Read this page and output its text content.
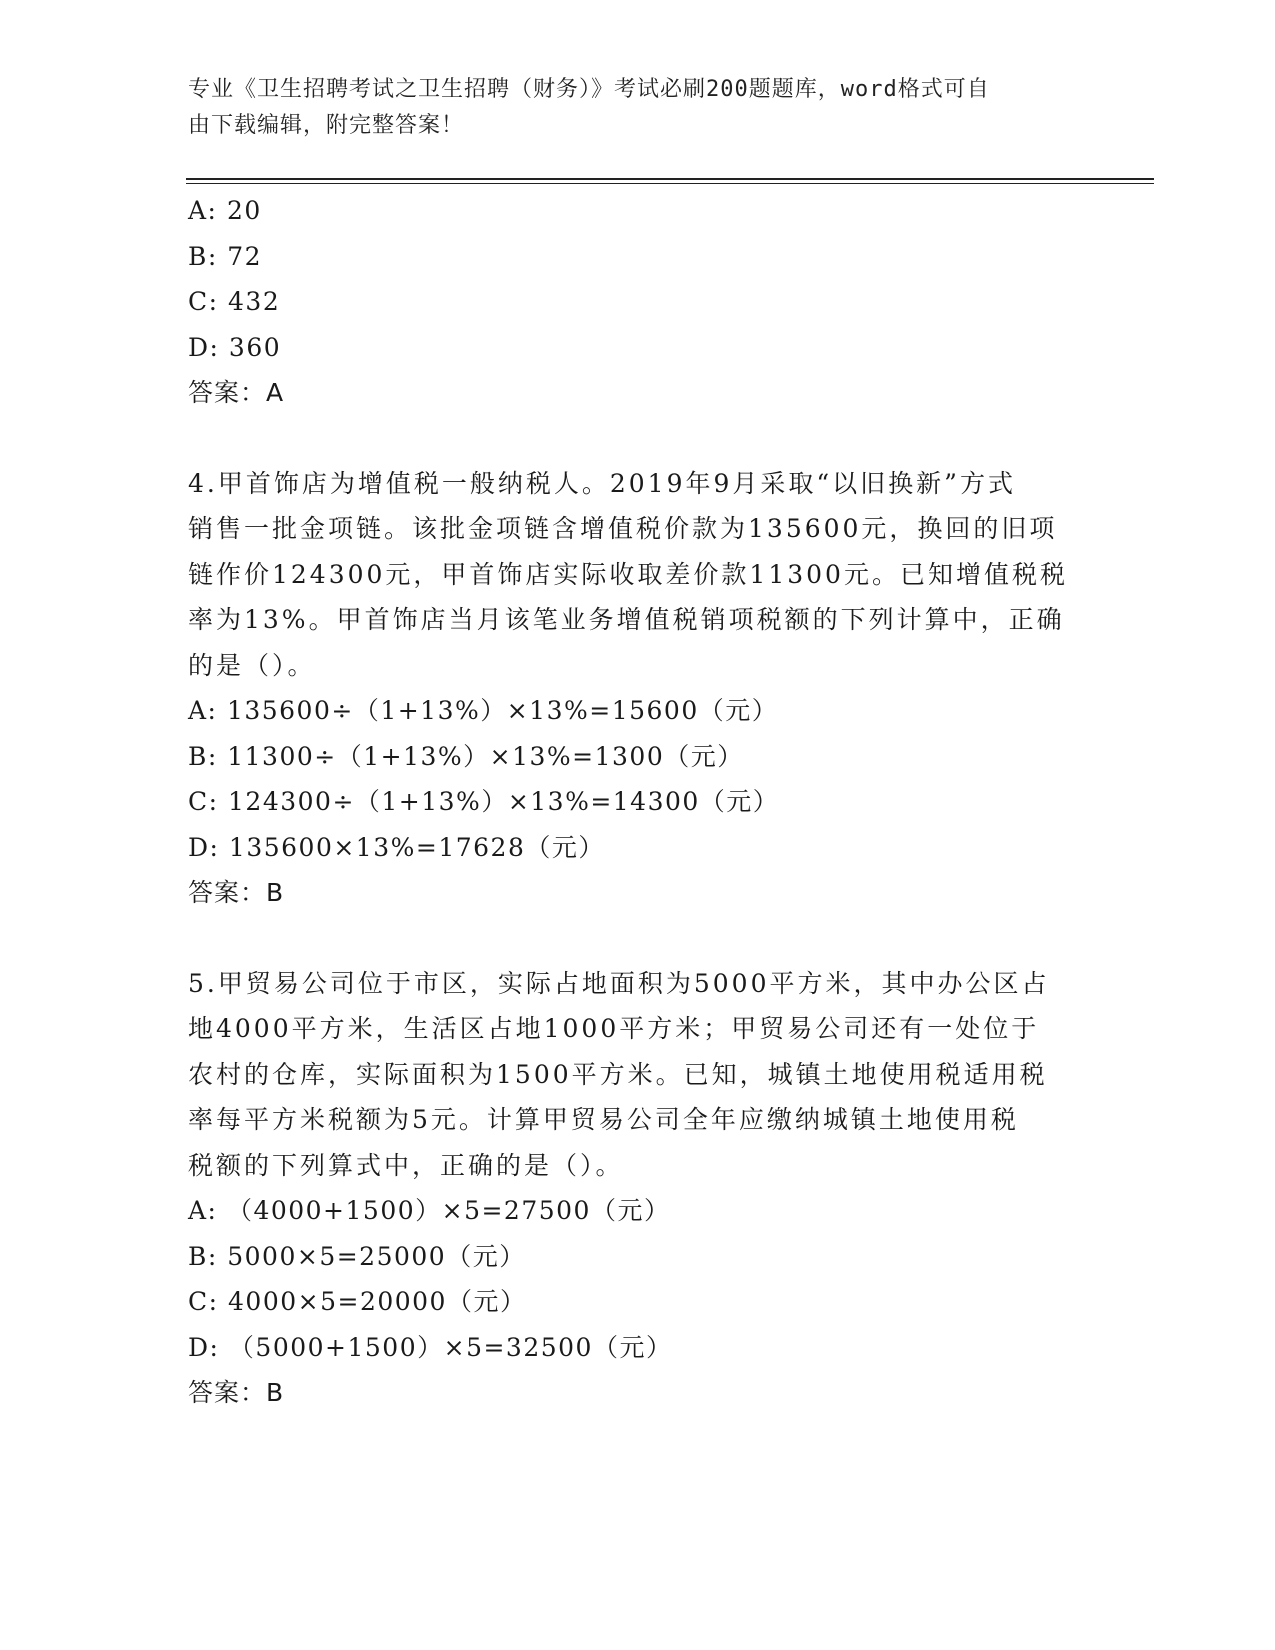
专业《卫生招聘考试之卫生招聘（财务）》考试必刷200题题库，word格式可自
由下载编辑，附完整答案！
A: 20
B: 72
C: 432
D: 360
答案：A
4.甲首饰店为增值税一般纳税人。2019年9月采取“以旧换新”方式
销售一批金项链。该批金项链含增值税价款为135600元，换回的旧项
链作价124300元，甲首饰店实际收取差价款11300元。已知增值税税
率为13%。甲首饰店当月该笔业务增值税销项税额的下列计算中，正确
的是（）。
A: 135600÷（1+13%）×13%=15600（元）
B: 11300÷（1+13%）×13%=1300（元）
C: 124300÷（1+13%）×13%=14300（元）
D: 135600×13%=17628（元）
答案：B
5.甲贸易公司位于市区，实际占地面积为5000平方米，其中办公区占
地4000平方米，生活区占地1000平方米；甲贸易公司还有一处位于
农村的仓库，实际面积为1500平方米。已知，城镇土地使用税适用税
率每平方米税额为5元。计算甲贸易公司全年应缴纳城镇土地使用税
税额的下列算式中，正确的是（）。
A: （4000+1500）×5=27500（元）
B: 5000×5=25000（元）
C: 4000×5=20000（元）
D: （5000+1500）×5=32500（元）
答案：B
